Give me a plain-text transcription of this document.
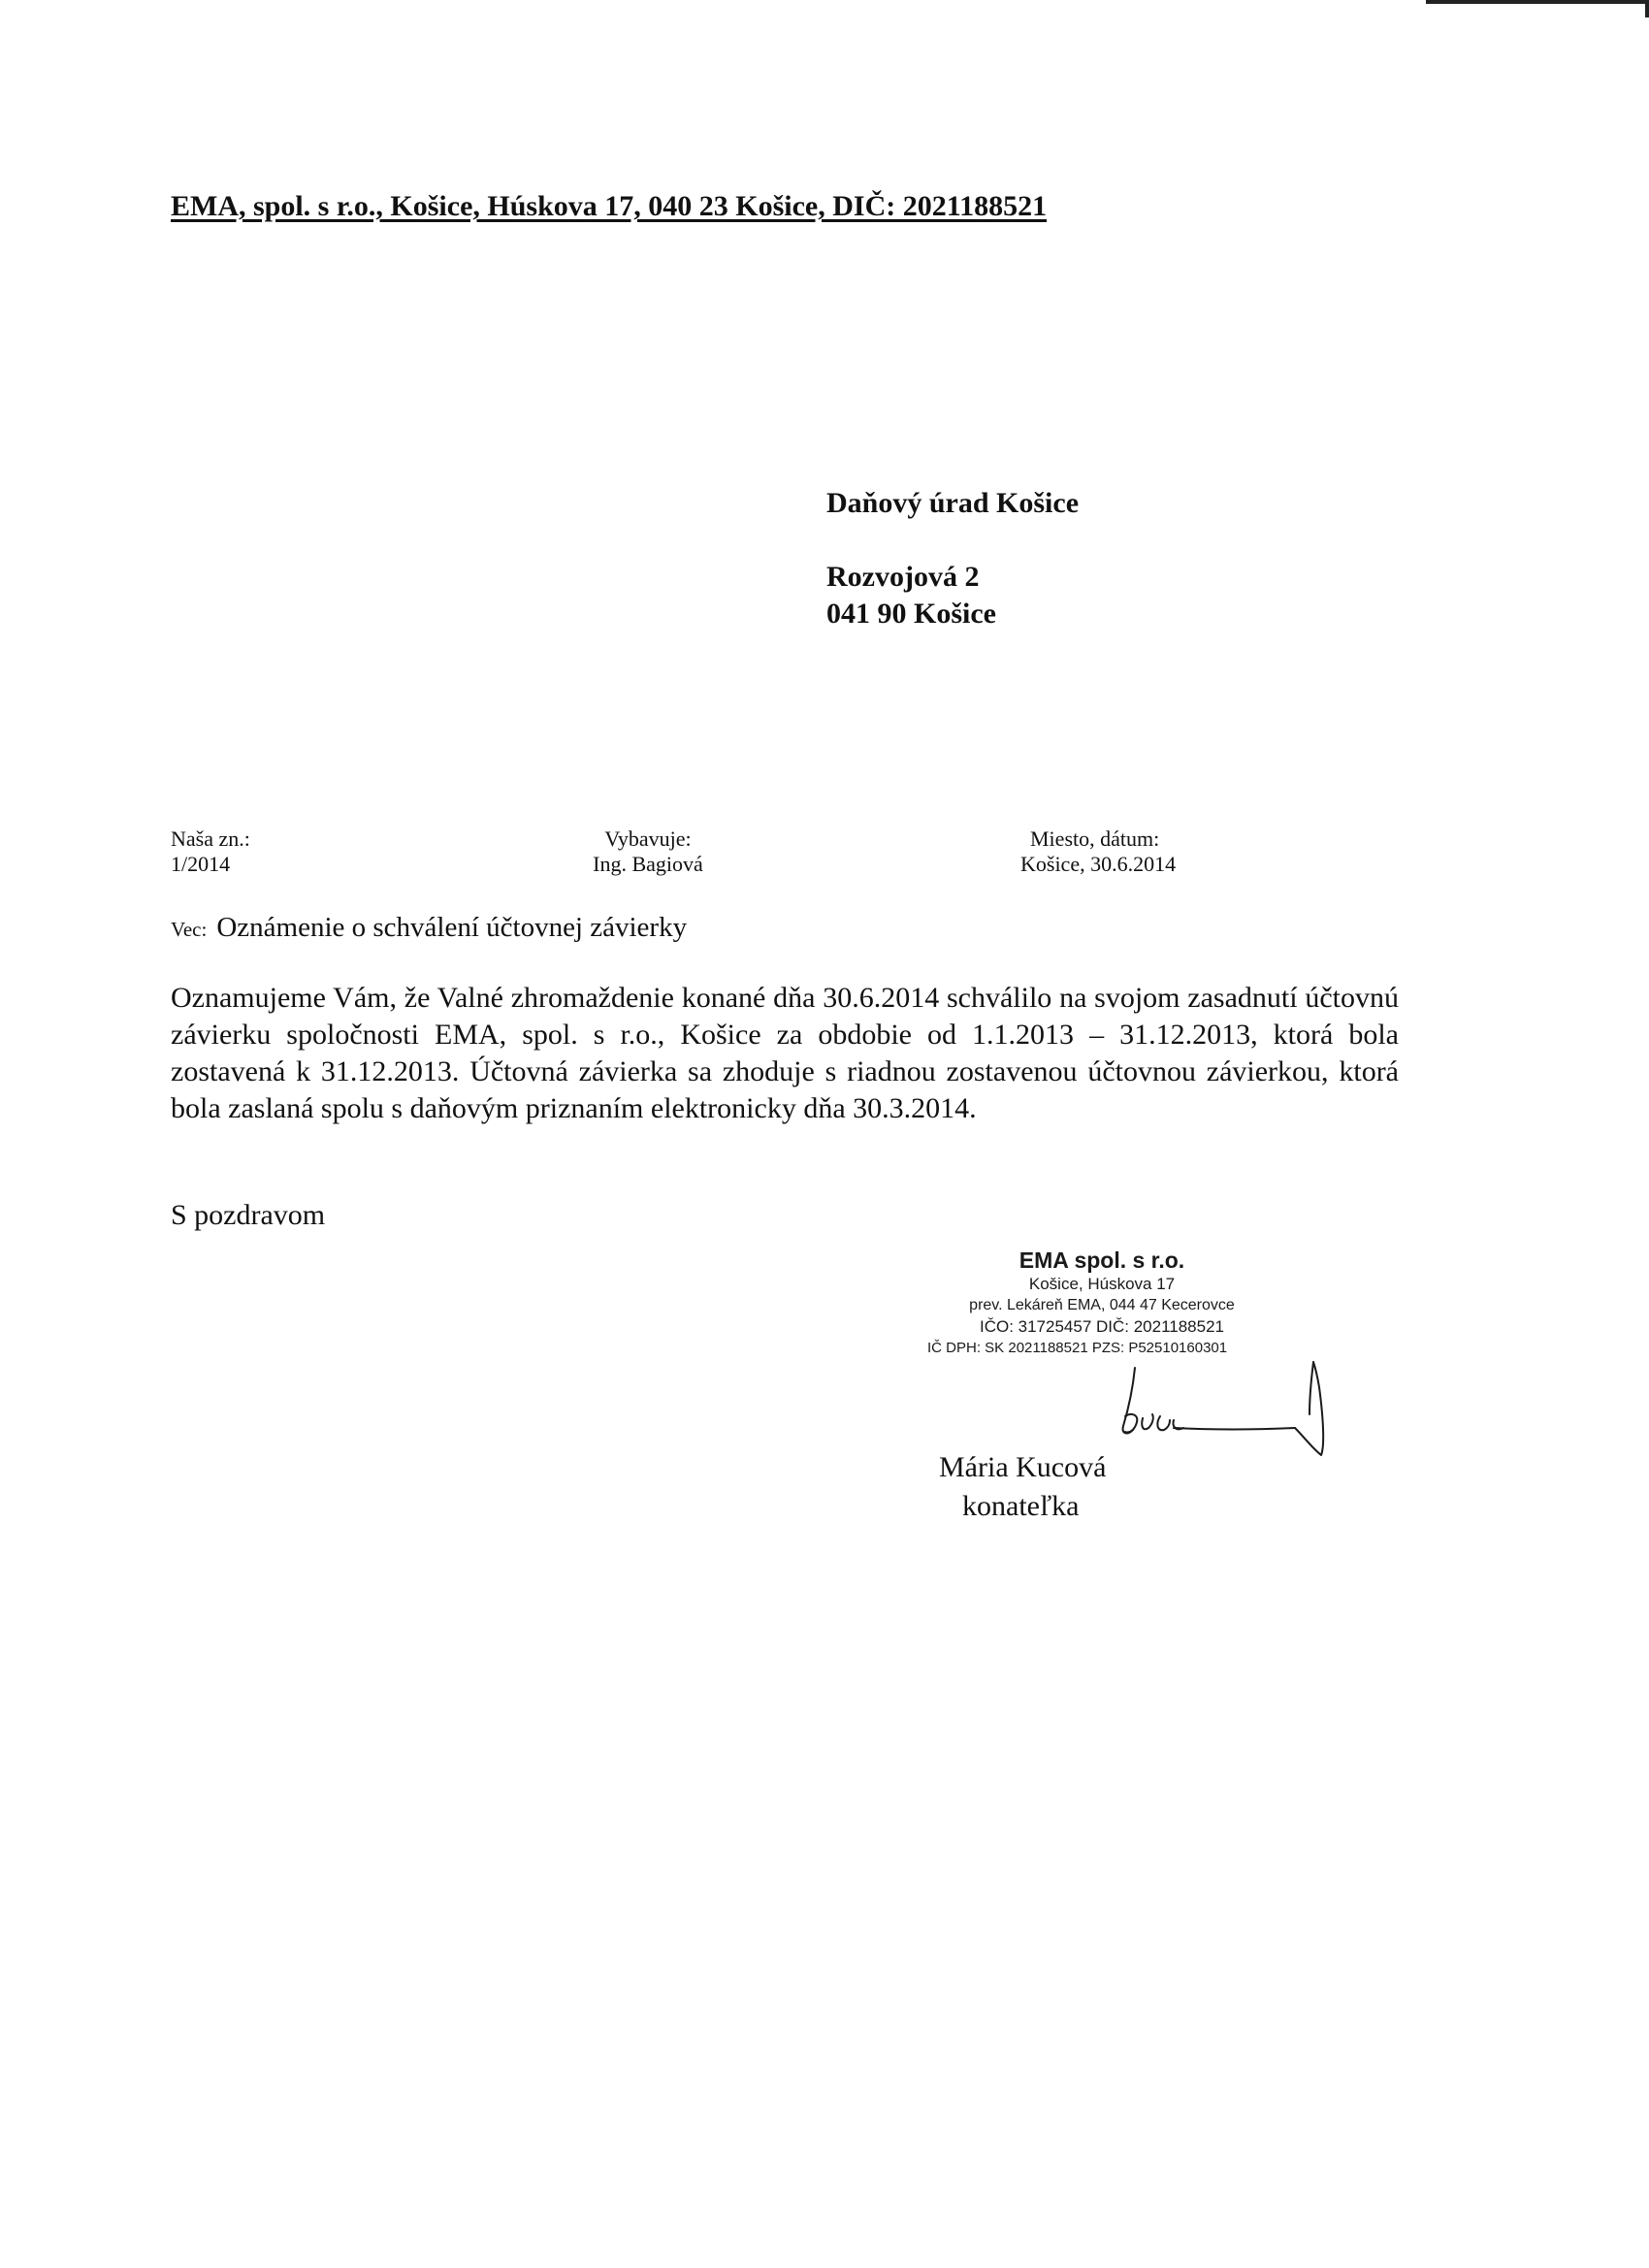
EMA, spol. s r.o., Košice, Húskova 17, 040 23 Košice, DIČ: 2021188521
Daňový úrad Košice
Rozvojová 2
041 90 Košice
Naša zn.:
1/2014
Vybavuje:
Ing. Bagiová
Miesto, dátum:
Košice, 30.6.2014
Vec: Oznámenie o schválení účtovnej závierky
Oznamujeme Vám, že Valné zhromaždenie konané dňa 30.6.2014 schválilo na svojom zasadnutí účtovnú závierku spoločnosti EMA, spol. s r.o., Košice za obdobie od 1.1.2013 – 31.12.2013, ktorá bola zostavená k 31.12.2013. Účtovná závierka sa zhoduje s riadnou zostavenou účtovnou závierkou, ktorá bola zaslaná spolu s daňovým priznaním elektronicky dňa 30.3.2014.
S pozdravom
EMA spol. s r.o.
Košice, Húskova 17
prev. Lekáreň EMA, 044 47 Kecerovce
IČO: 31725457 DIČ: 2021188521
IČ DPH: SK 2021188521 PZS: P52510160301
Mária Kucová
konateľka
